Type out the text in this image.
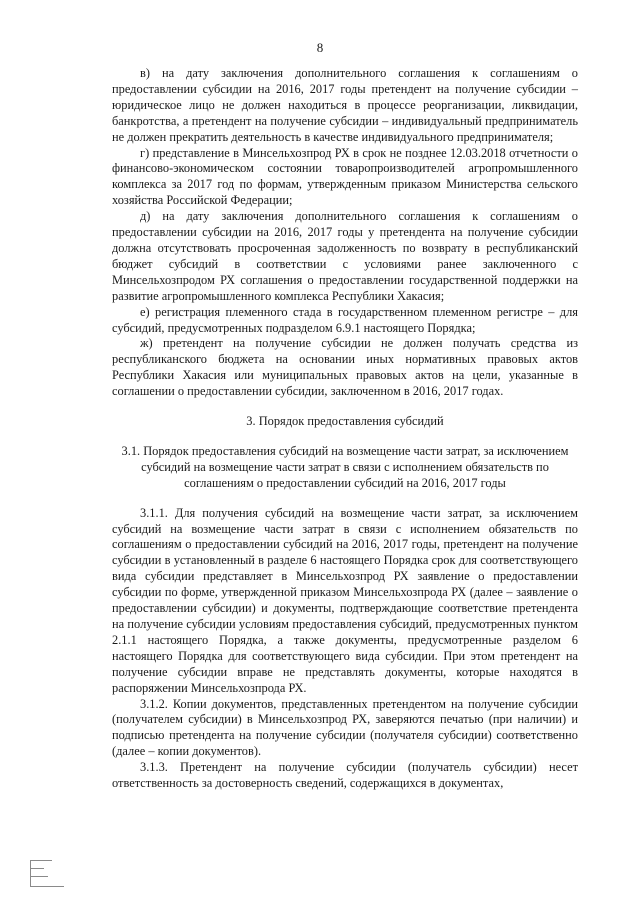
8

в) на дату заключения дополнительного соглашения к соглашениям о предоставлении субсидии на 2016, 2017 годы претендент на получение субсидии – юридическое лицо не должен находиться в процессе реорганизации, ликвидации, банкротства, а претендент на получение субсидии – индивидуальный предприниматель не должен прекратить деятельность в качестве индивидуального предпринимателя;

г) представление в Минсельхозпрод РХ в срок не позднее 12.03.2018 отчетности о финансово-экономическом состоянии товаропроизводителей агропромышленного комплекса за 2017 год по формам, утвержденным приказом Министерства сельского хозяйства Российской Федерации;

д) на дату заключения дополнительного соглашения к соглашениям о предоставлении субсидии на 2016, 2017 годы у претендента на получение субсидии должна отсутствовать просроченная задолженность по возврату в республиканский бюджет субсидий в соответствии с условиями ранее заключенного с Минсельхозпродом РХ соглашения о предоставлении государственной поддержки на развитие агропромышленного комплекса Республики Хакасия;

е) регистрация племенного стада в государственном племенном регистре – для субсидий, предусмотренных подразделом 6.9.1 настоящего Порядка;

ж) претендент на получение субсидии не должен получать средства из республиканского бюджета на основании иных нормативных правовых актов Республики Хакасия или муниципальных правовых актов на цели, указанные в соглашении о предоставлении субсидии, заключенном в 2016, 2017 годах.

3. Порядок предоставления субсидий

3.1. Порядок предоставления субсидий на возмещение части затрат, за исключением субсидий на возмещение части затрат в связи с исполнением обязательств по соглашениям о предоставлении субсидий на 2016, 2017 годы

3.1.1. Для получения субсидий на возмещение части затрат, за исключением субсидий на возмещение части затрат в связи с исполнением обязательств по соглашениям о предоставлении субсидий на 2016, 2017 годы, претендент на получение субсидии в установленный в разделе 6 настоящего Порядка срок для соответствующего вида субсидии представляет в Минсельхозпрод РХ заявление о предоставлении субсидии по форме, утвержденной приказом Минсельхозпрода РХ (далее – заявление о предоставлении субсидии) и документы, подтверждающие соответствие претендента на получение субсидии условиям предоставления субсидий, предусмотренных пунктом 2.1.1 настоящего Порядка, а также документы, предусмотренные разделом 6 настоящего Порядка для соответствующего вида субсидии. При этом претендент на получение субсидии вправе не представлять документы, которые находятся в распоряжении Минсельхозпрода РХ.

3.1.2. Копии документов, представленных претендентом на получение субсидии (получателем субсидии) в Минсельхозпрод РХ, заверяются печатью (при наличии) и подписью претендента на получение субсидии (получателя субсидии) соответственно (далее – копии документов).

3.1.3. Претендент на получение субсидии (получатель субсидии) несет ответственность за достоверность сведений, содержащихся в документах,
